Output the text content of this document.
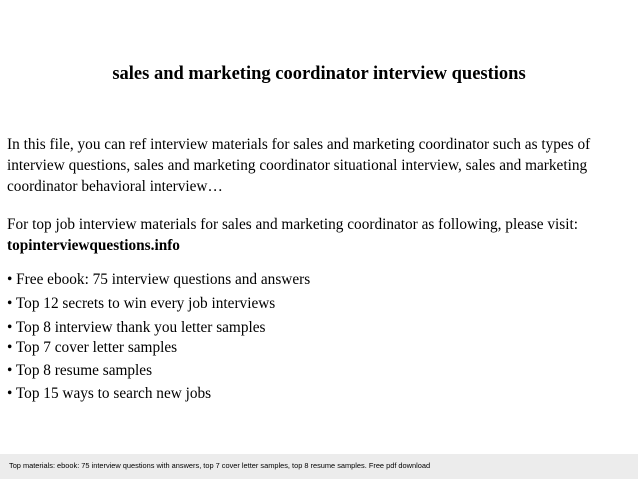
sales and marketing coordinator interview questions

In this file, you can ref interview materials for sales and marketing coordinator such as types of interview questions, sales and marketing coordinator situational interview, sales and marketing coordinator behavioral interview…

For top job interview materials for sales and marketing coordinator as following, please visit: topinterviewquestions.info

• Free ebook: 75 interview questions and answers
• Top 12 secrets to win every job interviews
• Top 8 interview thank you letter samples
• Top 7 cover letter samples
• Top 8 resume samples
• Top 15 ways to search new jobs
Top materials: ebook: 75 interview questions with answers, top 7 cover letter samples, top 8 resume samples. Free pdf download
